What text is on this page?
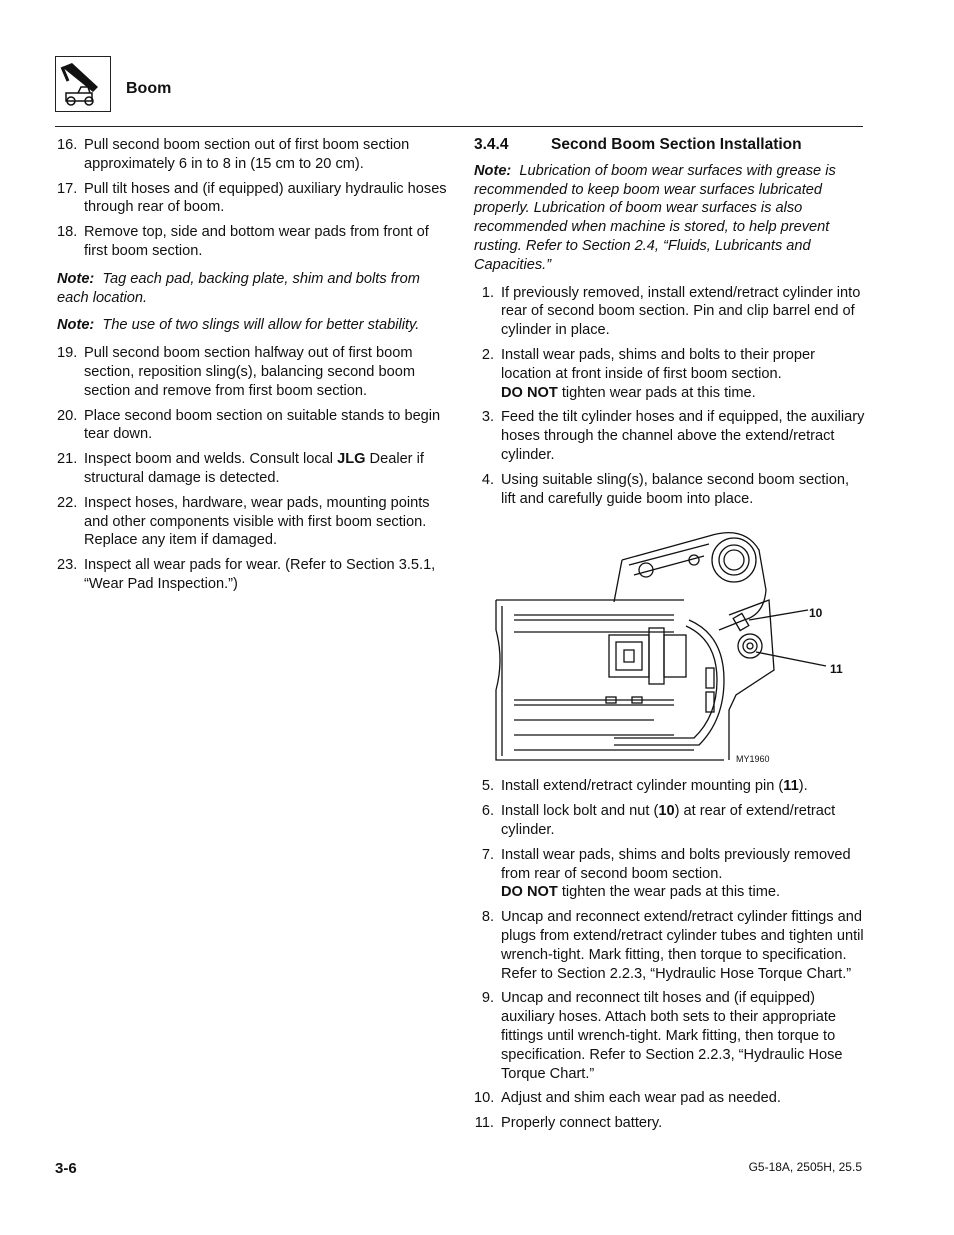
Boom
16. Pull second boom section out of first boom section approximately 6 in to 8 in (15 cm to 20 cm).
17. Pull tilt hoses and (if equipped) auxiliary hydraulic hoses through rear of boom.
18. Remove top, side and bottom wear pads from front of first boom section.
Note: Tag each pad, backing plate, shim and bolts from each location.
Note: The use of two slings will allow for better stability.
19. Pull second boom section halfway out of first boom section, reposition sling(s), balancing second boom section and remove from first boom section.
20. Place second boom section on suitable stands to begin tear down.
21. Inspect boom and welds. Consult local JLG Dealer if structural damage is detected.
22. Inspect hoses, hardware, wear pads, mounting points and other components visible with first boom section. Replace any item if damaged.
23. Inspect all wear pads for wear. (Refer to Section 3.5.1, “Wear Pad Inspection.”)
3.4.4	Second Boom Section Installation
Note: Lubrication of boom wear surfaces with grease is recommended to keep boom wear surfaces lubricated properly. Lubrication of boom wear surfaces is also recommended when machine is stored, to help prevent rusting. Refer to Section 2.4, “Fluids, Lubricants and Capacities.”
1. If previously removed, install extend/retract cylinder into rear of second boom section. Pin and clip barrel end of cylinder in place.
2. Install wear pads, shims and bolts to their proper location at front inside of first boom section.
DO NOT tighten wear pads at this time.
3. Feed the tilt cylinder hoses and if equipped, the auxiliary hoses through the channel above the extend/retract cylinder.
4. Using suitable sling(s), balance second boom section, lift and carefully guide boom into place.
10
11
MY1960
5. Install extend/retract cylinder mounting pin (11).
6. Install lock bolt and nut (10) at rear of extend/retract cylinder.
7. Install wear pads, shims and bolts previously removed from rear of second boom section.
DO NOT tighten the wear pads at this time.
8. Uncap and reconnect extend/retract cylinder fittings and plugs from extend/retract cylinder tubes and tighten until wrench-tight. Mark fitting, then torque to specification. Refer to Section 2.2.3, “Hydraulic Hose Torque Chart.”
9. Uncap and reconnect tilt hoses and (if equipped) auxiliary hoses. Attach both sets to their appropriate fittings until wrench-tight. Mark fitting, then torque to specification. Refer to Section 2.2.3, “Hydraulic Hose Torque Chart.”
10. Adjust and shim each wear pad as needed.
11. Properly connect battery.
3-6	G5-18A, 2505H, 25.5
